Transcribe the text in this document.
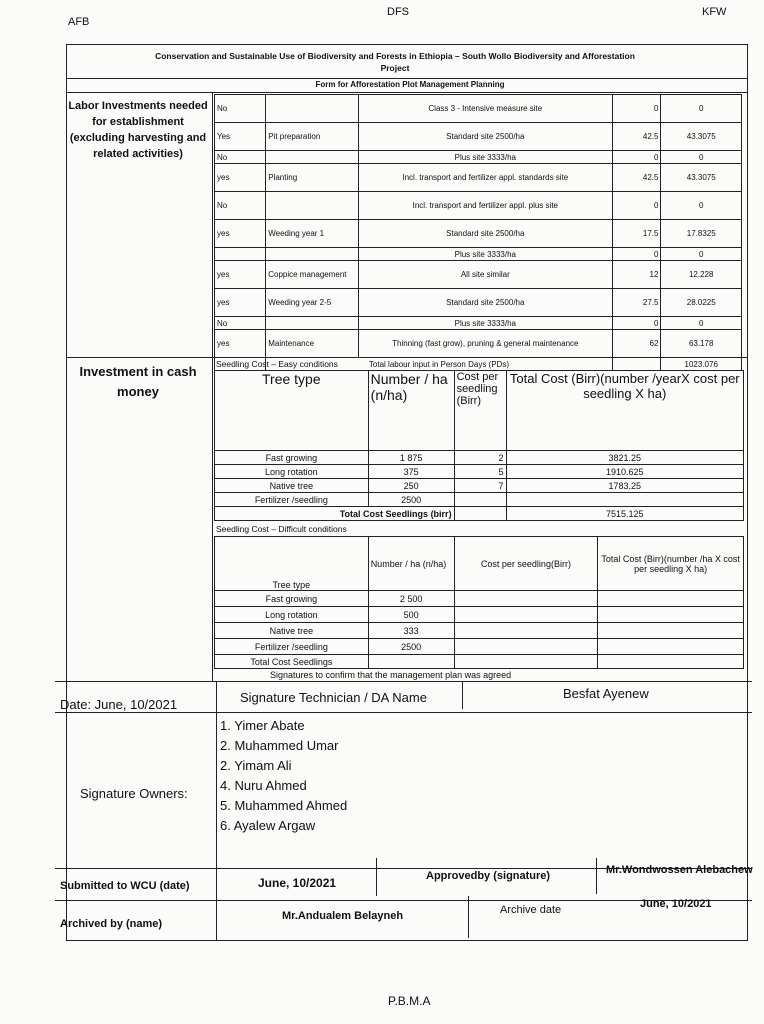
AFB
DFS	KFW
Conservation and Sustainable Use of Biodiversity and Forests in Ethiopia – South Wollo Biodiversity and Afforestation Project
Form for Afforestation Plot Management Planning
Labor Investments needed for establishment (excluding harvesting and related activities)
No		Class 3 - Intensive measure site	0	0
Yes	Pit preparation	Standard site 2500/ha	42.5	43.3075
No		Plus site 3333/ha	0	0
yes	Planting	Incl. transport and fertilizer appl. standards site	42.5	43.3075
No		Incl. transport and fertilizer appl. plus site	0	0
yes	Weeding year 1	Standard site 2500/ha	17.5	17.8325
		Plus site 3333/ha	0	0
yes	Coppice management	All site similar	12	12.228
yes	Weeding year 2-5	Standard site 2500/ha	27.5	28.0225
No		Plus site 3333/ha	0	0
yes	Maintenance	Thinning (fast grow), pruning & general maintenance	62	63.178
	Total labour input in Person Days (PDs)			1023.076
Investment in cash money
Seedling Cost – Easy conditions
Tree type	Number / ha (n/ha)	Cost per seedling (Birr)	Total Cost (Birr)(number /yearX cost per seedling X ha)
Fast growing	1 875	2	3821.25
Long rotation	375	5	1910.625
Native tree	250	7	1783.25
Fertilizer /seedling	2500		
Total Cost Seedlings (birr)			7515.125
Seedling Cost – Difficult conditions
Tree type	Number / ha (n/ha)	Cost per seedling(Birr)	Total Cost (Birr)(number /ha X cost per seedling X ha)
Fast growing	2 500		
Long rotation	500		
Native tree	333		
Fertilizer /seedling	2500		
Total Cost Seedlings			
Signatures to confirm that the management plan was agreed
Date: June, 10/2021	Signature Technician / DA Name	Besfat Ayenew
Signature Owners:
1. Yimer Abate
2. Muhammed Umar
2. Yimam Ali
4. Nuru Ahmed
5. Muhammed Ahmed
6. Ayalew Argaw
Submitted to WCU (date)	June, 10/2021	Approvedby (signature)	Mr.Wondwossen Alebachew
Archived by (name)
Mr.Andualem Belayneh	Archive date	June, 10/2021
P.B.M.A
